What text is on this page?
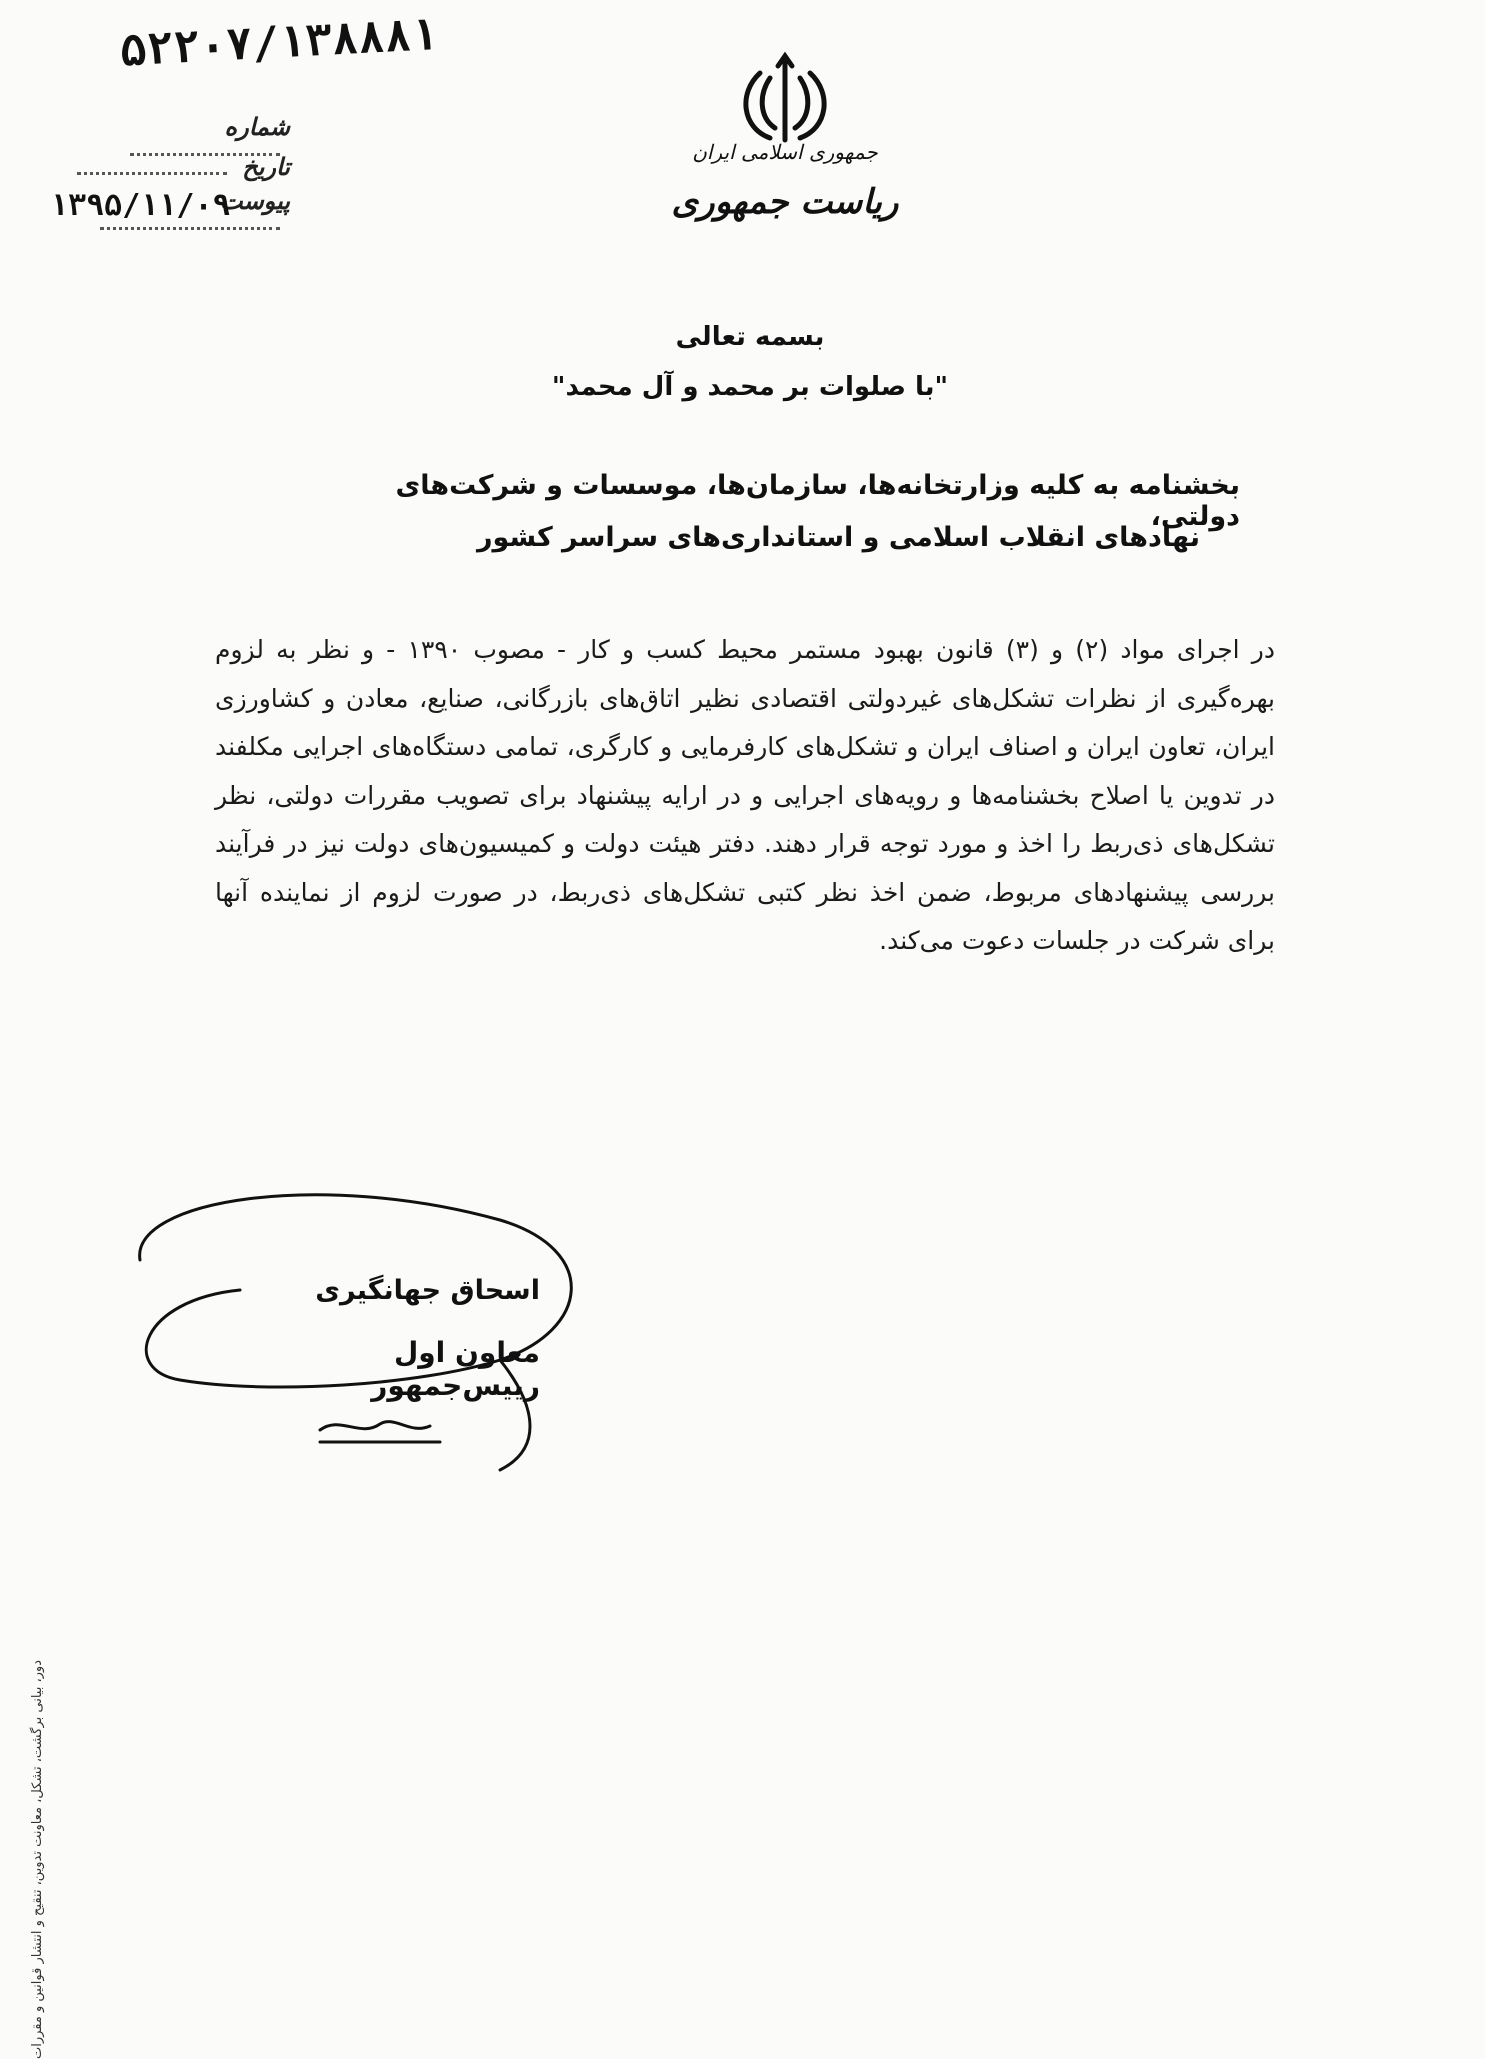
۵۲۲۰۷/۱۳۸۸۸۱
شماره
تاریخ
پیوست
۱۳۹۵/۱۱/۰۹
جمهوری اسلامی ایران
ریاست جمهوری
بسمه تعالی
"با صلوات بر محمد و آل محمد"
بخشنامه به کلیه وزارتخانه‌ها، سازمان‌ها، موسسات و شرکت‌های دولتی،
نهادهای انقلاب اسلامی و استانداری‌های سراسر کشور
در اجرای مواد (۲) و (۳) قانون بهبود مستمر محیط کسب و کار - مصوب ۱۳۹۰ - و نظر به لزوم بهره‌گیری از نظرات تشکل‌های غیردولتی اقتصادی نظیر اتاق‌های بازرگانی، صنایع، معادن و کشاورزی ایران، تعاون ایران و اصناف ایران و تشکل‌های کارفرمایی و کارگری، تمامی دستگاه‌های اجرایی مکلفند در تدوین یا اصلاح بخشنامه‌ها و رویه‌های اجرایی و در ارایه پیشنهاد برای تصویب مقررات دولتی، نظر تشکل‌های ذی‌ربط را اخذ و مورد توجه قرار دهند. دفتر هیئت دولت و کمیسیون‌های دولت نیز در فرآیند بررسی پیشنهادهای مربوط، ضمن اخذ نظر کتبی تشکل‌های ذی‌ربط، در صورت لزوم از نماینده آنها برای شرکت در جلسات دعوت می‌کند.
اسحاق جهانگیری
معاون اول رییس‌جمهور
دور، بیانی برگشت، تشکل، معاونت تدوین، تنقیح و انتشار قوانین و مقررات
